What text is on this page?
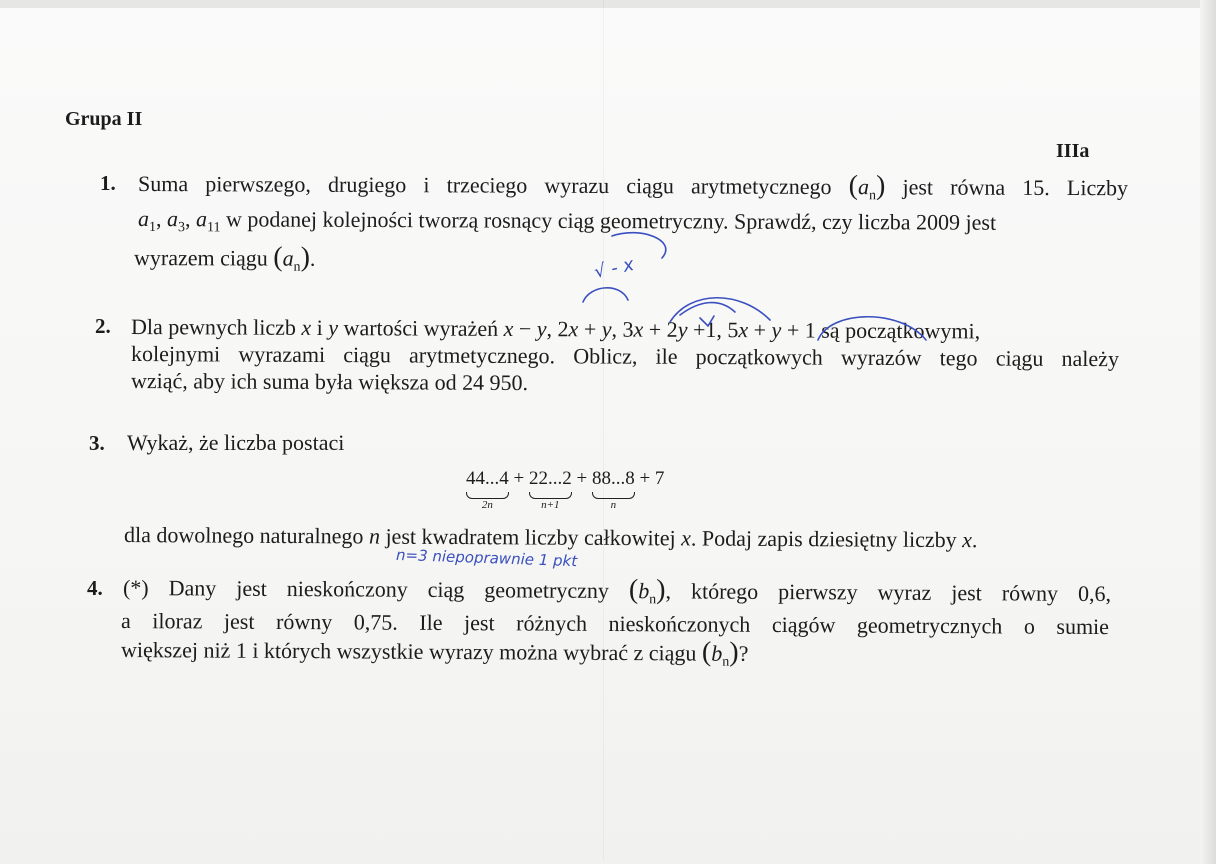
Grupa II
IIIa
1. Suma pierwszego, drugiego i trzeciego wyrazu ciągu arytmetycznego $(a_n)$ jest równa 15. Liczby
$a_1$, $a_3$, $a_{11}$ w podanej kolejności tworzą rosnący ciąg geometryczny. Sprawdź, czy liczba 2009 jest
wyrazem ciągu $(a_n)$.
2. Dla pewnych liczb x i y wartości wyrażeń x − y, 2x + y, 3x + 2y +1, 5x + y + 1 są początkowymi,
kolejnymi wyrazami ciągu arytmetycznego. Oblicz, ile początkowych wyrazów tego ciągu należy
wziąć, aby ich suma była większa od 24 950.
3. Wykaż, że liczba postaci
44...4
2n
+ 22...2
n+1
+ 88...8
n
+ 7
dla dowolnego naturalnego n jest kwadratem liczby całkowitej x. Podaj zapis dziesiętny liczby x.
4. (*) Dany jest nieskończony ciąg geometryczny $(b_n)$, którego pierwszy wyraz jest równy 0,6,
a iloraz jest równy 0,75. Ile jest różnych nieskończonych ciągów geometrycznych o sumie
większej niż 1 i których wszystkie wyrazy można wybrać z ciągu $(b_n)$?
n=3 niepoprawnie 1 pkt
√ - x
